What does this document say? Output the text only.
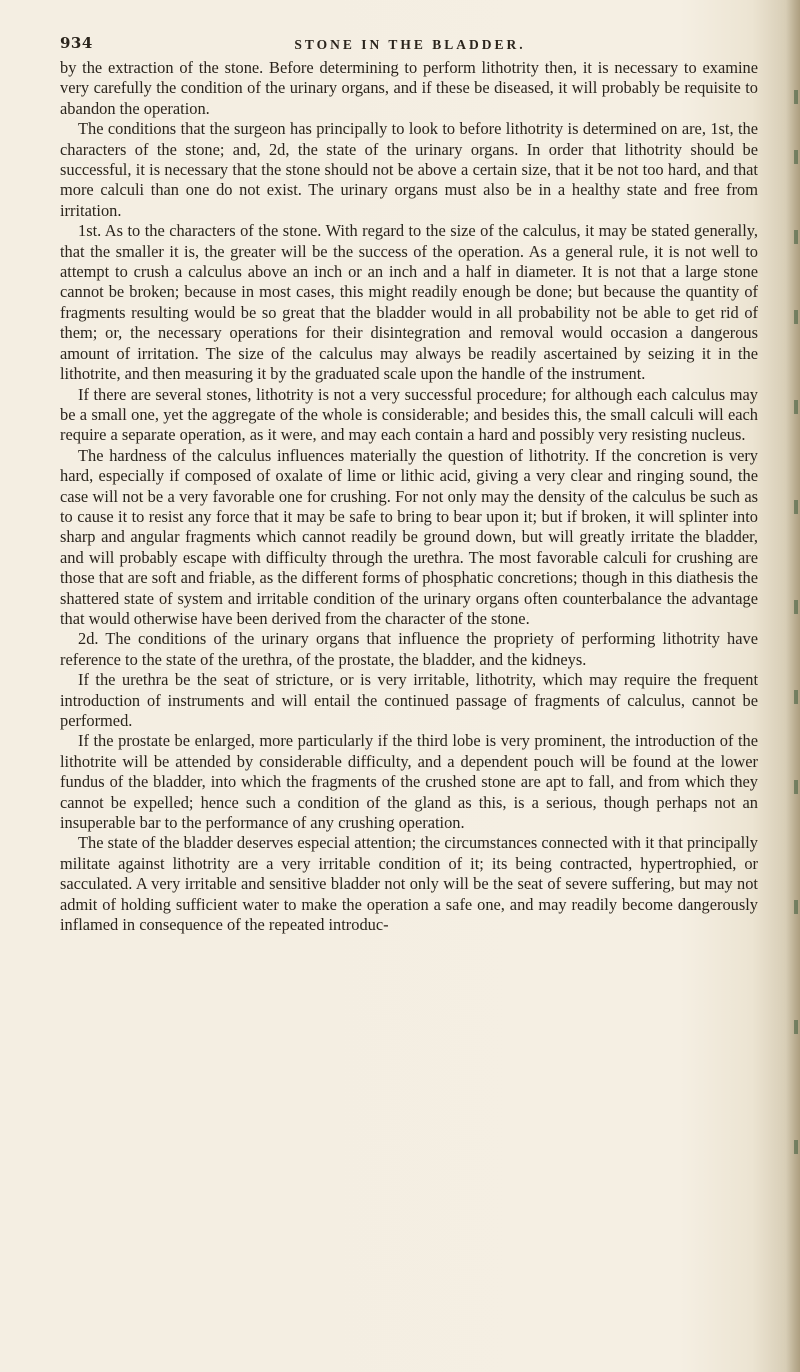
934	STONE IN THE BLADDER.

by the extraction of the stone. Before determining to perform lithotrity then, it is necessary to examine very carefully the condition of the urinary organs, and if these be diseased, it will probably be requisite to abandon the operation.

The conditions that the surgeon has principally to look to before lithotrity is determined on are, 1st, the characters of the stone; and, 2d, the state of the urinary organs. In order that lithotrity should be successful, it is necessary that the stone should not be above a certain size, that it be not too hard, and that more calculi than one do not exist. The urinary organs must also be in a healthy state and free from irritation.

1st. As to the characters of the stone. With regard to the size of the calculus, it may be stated generally, that the smaller it is, the greater will be the success of the operation. As a general rule, it is not well to attempt to crush a calculus above an inch or an inch and a half in diameter. It is not that a large stone cannot be broken; because in most cases, this might readily enough be done; but because the quantity of fragments resulting would be so great that the bladder would in all probability not be able to get rid of them; or, the necessary operations for their disintegration and removal would occasion a dangerous amount of irritation. The size of the calculus may always be readily ascertained by seizing it in the lithotrite, and then measuring it by the graduated scale upon the handle of the instrument.

If there are several stones, lithotrity is not a very successful procedure; for although each calculus may be a small one, yet the aggregate of the whole is considerable; and besides this, the small calculi will each require a separate operation, as it were, and may each contain a hard and possibly very resisting nucleus.

The hardness of the calculus influences materially the question of lithotrity. If the concretion is very hard, especially if composed of oxalate of lime or lithic acid, giving a very clear and ringing sound, the case will not be a very favorable one for crushing. For not only may the density of the calculus be such as to cause it to resist any force that it may be safe to bring to bear upon it; but if broken, it will splinter into sharp and angular fragments which cannot readily be ground down, but will greatly irritate the bladder, and will probably escape with difficulty through the urethra. The most favorable calculi for crushing are those that are soft and friable, as the different forms of phosphatic concretions; though in this diathesis the shattered state of system and irritable condition of the urinary organs often counterbalance the advantage that would otherwise have been derived from the character of the stone.

2d. The conditions of the urinary organs that influence the propriety of performing lithotrity have reference to the state of the urethra, of the prostate, the bladder, and the kidneys.

If the urethra be the seat of stricture, or is very irritable, lithotrity, which may require the frequent introduction of instruments and will entail the continued passage of fragments of calculus, cannot be performed.

If the prostate be enlarged, more particularly if the third lobe is very prominent, the introduction of the lithotrite will be attended by considerable difficulty, and a dependent pouch will be found at the lower fundus of the bladder, into which the fragments of the crushed stone are apt to fall, and from which they cannot be expelled; hence such a condition of the gland as this, is a serious, though perhaps not an insuperable bar to the performance of any crushing operation.

The state of the bladder deserves especial attention; the circumstances connected with it that principally militate against lithotrity are a very irritable condition of it; its being contracted, hypertrophied, or sacculated. A very irritable and sensitive bladder not only will be the seat of severe suffering, but may not admit of holding sufficient water to make the operation a safe one, and may readily become dangerously inflamed in consequence of the repeated introduc-
